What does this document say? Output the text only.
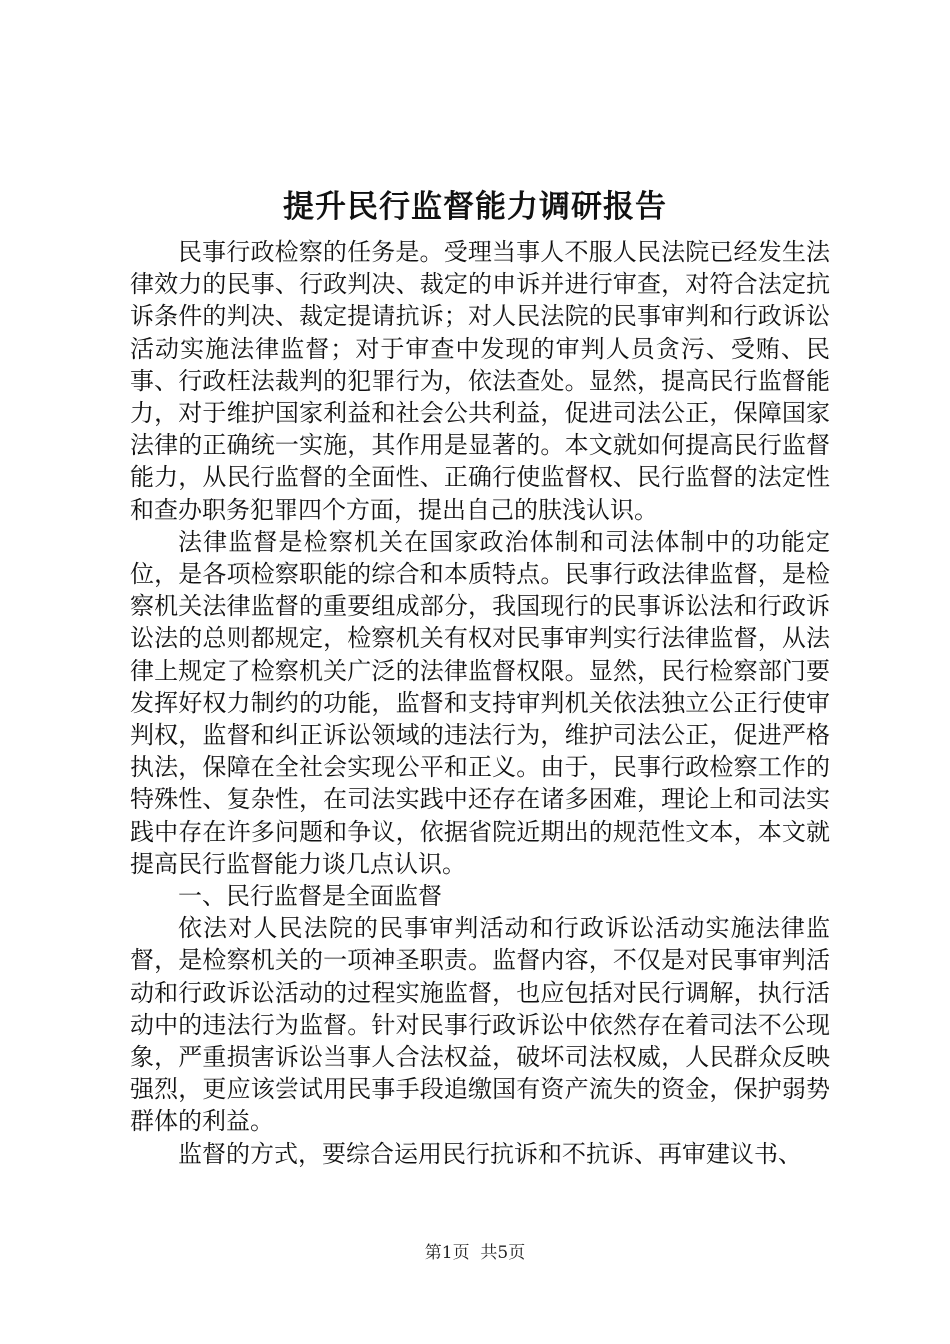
提升民行监督能力调研报告

民事行政检察的任务是。受理当事人不服人民法院已经发生法律效力的民事、行政判决、裁定的申诉并进行审查，对符合法定抗诉条件的判决、裁定提请抗诉；对人民法院的民事审判和行政诉讼活动实施法律监督；对于审查中发现的审判人员贪污、受贿、民事、行政枉法裁判的犯罪行为，依法查处。显然，提高民行监督能力，对于维护国家利益和社会公共利益，促进司法公正，保障国家法律的正确统一实施，其作用是显著的。本文就如何提高民行监督能力，从民行监督的全面性、正确行使监督权、民行监督的法定性和查办职务犯罪四个方面，提出自己的肤浅认识。

法律监督是检察机关在国家政治体制和司法体制中的功能定位，是各项检察职能的综合和本质特点。民事行政法律监督，是检察机关法律监督的重要组成部分，我国现行的民事诉讼法和行政诉讼法的总则都规定，检察机关有权对民事审判实行法律监督，从法律上规定了检察机关广泛的法律监督权限。显然，民行检察部门要发挥好权力制约的功能，监督和支持审判机关依法独立公正行使审判权，监督和纠正诉讼领域的违法行为，维护司法公正，促进严格执法，保障在全社会实现公平和正义。由于，民事行政检察工作的特殊性、复杂性，在司法实践中还存在诸多困难，理论上和司法实践中存在许多问题和争议，依据省院近期出的规范性文本，本文就提高民行监督能力谈几点认识。

一、民行监督是全面监督

依法对人民法院的民事审判活动和行政诉讼活动实施法律监督，是检察机关的一项神圣职责。监督内容，不仅是对民事审判活动和行政诉讼活动的过程实施监督，也应包括对民行调解，执行活动中的违法行为监督。针对民事行政诉讼中依然存在着司法不公现象，严重损害诉讼当事人合法权益，破坏司法权威，人民群众反映强烈，更应该尝试用民事手段追缴国有资产流失的资金，保护弱势群体的利益。

监督的方式，要综合运用民行抗诉和不抗诉、再审建议书、

第1页 共5页
